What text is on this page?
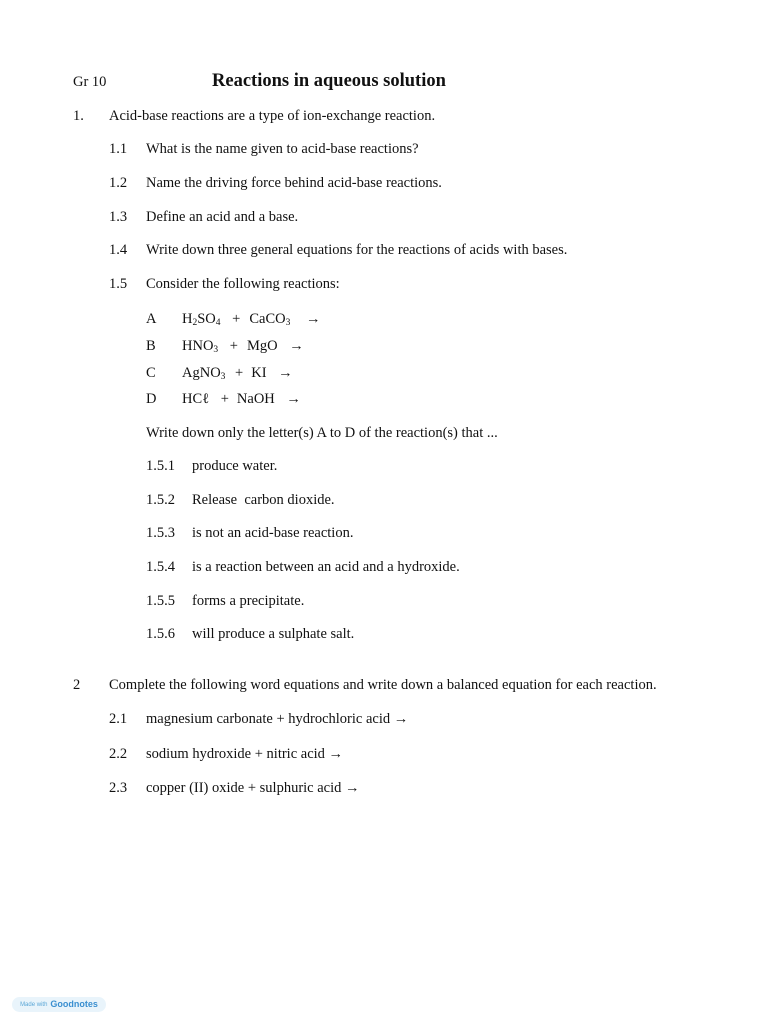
Gr 10	Reactions in aqueous solution
1. Acid-base reactions are a type of ion-exchange reaction.
1.1 What is the name given to acid-base reactions?
1.2 Name the driving force behind acid-base reactions.
1.3 Define an acid and a base.
1.4 Write down three general equations for the reactions of acids with bases.
1.5 Consider the following reactions:
A $H_2SO_4$ + CaCO$_3$ →
B $HNO_3$ + MgO →
C AgNO$_3$ + KI →
D HCℓ + NaOH →
Write down only the letter(s) A to D of the reaction(s) that ...
1.5.1 produce water.
1.5.2 Release  carbon dioxide.
1.5.3 is not an acid-base reaction.
1.5.4 is a reaction between an acid and a hydroxide.
1.5.5 forms a precipitate.
1.5.6 will produce a sulphate salt.
2 Complete the following word equations and write down a balanced equation for each reaction.
2.1 magnesium carbonate + hydrochloric acid →
2.2 sodium hydroxide + nitric acid →
2.3 copper (II) oxide + sulphuric acid →
Made with Goodnotes
